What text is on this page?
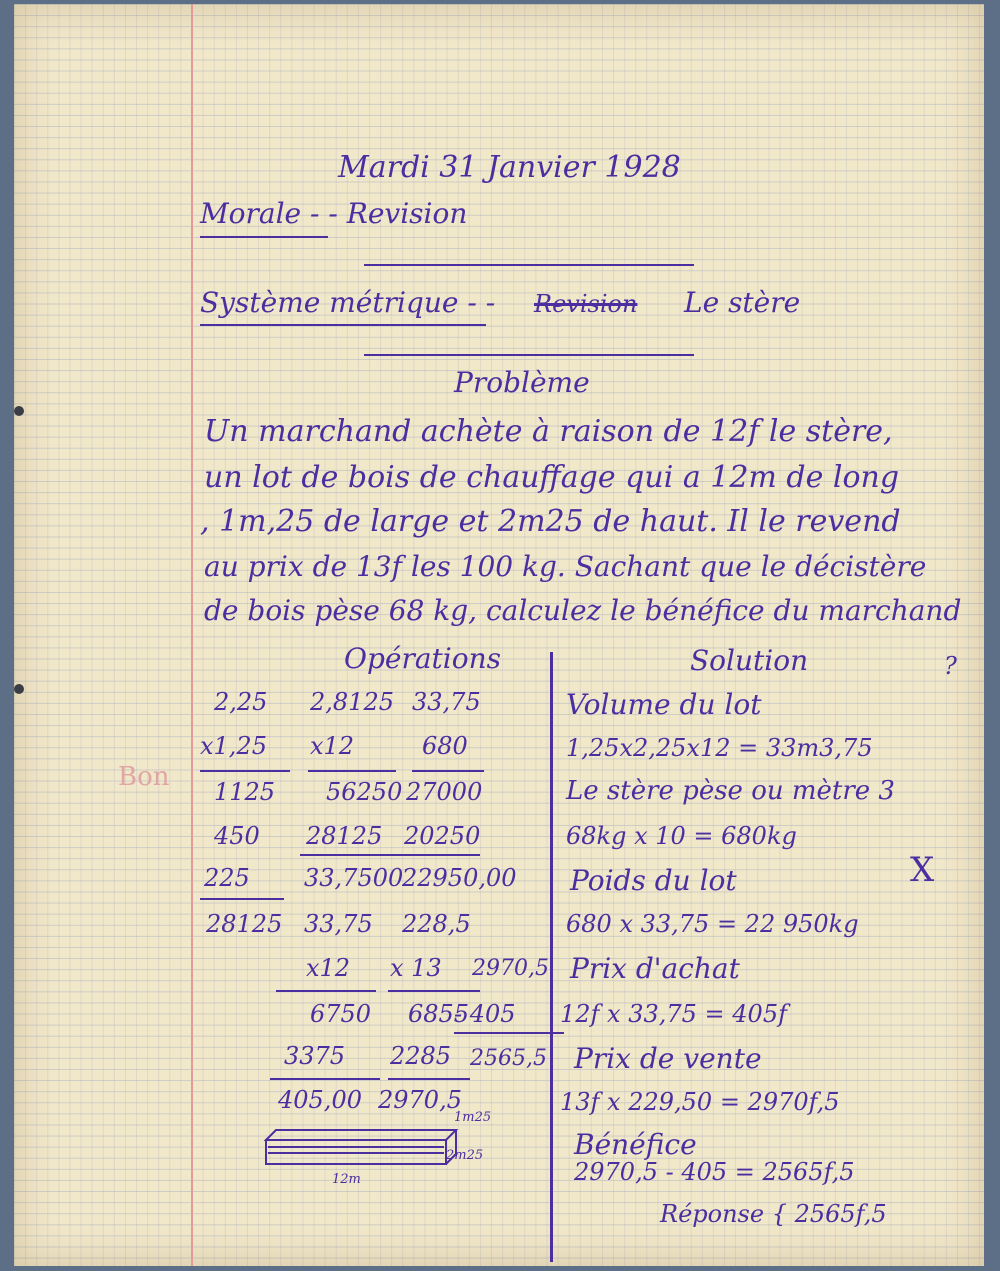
Mardi 31 Janvier 1928

Morale - - Revision

Système métrique - - Revision Le stère

Problème

Un marchand achète à raison de 12f le stère,

un lot de bois de chauffage qui a 12m de long

, 1m,25 de large et 2m25 de haut. Il le revend

au prix de 13f les 100 kg. Sachant que le décistère

de bois pèse 68 kg, calculez le bénéfice du marchand

?

Opérations

2,25 2,8125 33,75

x1,25 x12	680

1125 56250 27000

450 28125 20250

225 33,7500

22950,00

28125 33,75 228,5

x12 x 13 2970,5

6750 6855

- 405

3375 2285 2565,5

405,00 2970,5

12m

2m25

1m25

Solution

Volume du lot

1,25x2,25x12 = 33m3,75

Le stère pèse ou mètre 3

68kg x 10 = 680kg

Poids du lot

680 x 33,75 = 22 950kg

Prix d'achat

12f x 33,75 = 405f

Prix de vente

13f x 229,50 = 2970f,5

Bénéfice

2970,5 - 405 = 2565f,5

Réponse { 2565f,5

X

Bon
